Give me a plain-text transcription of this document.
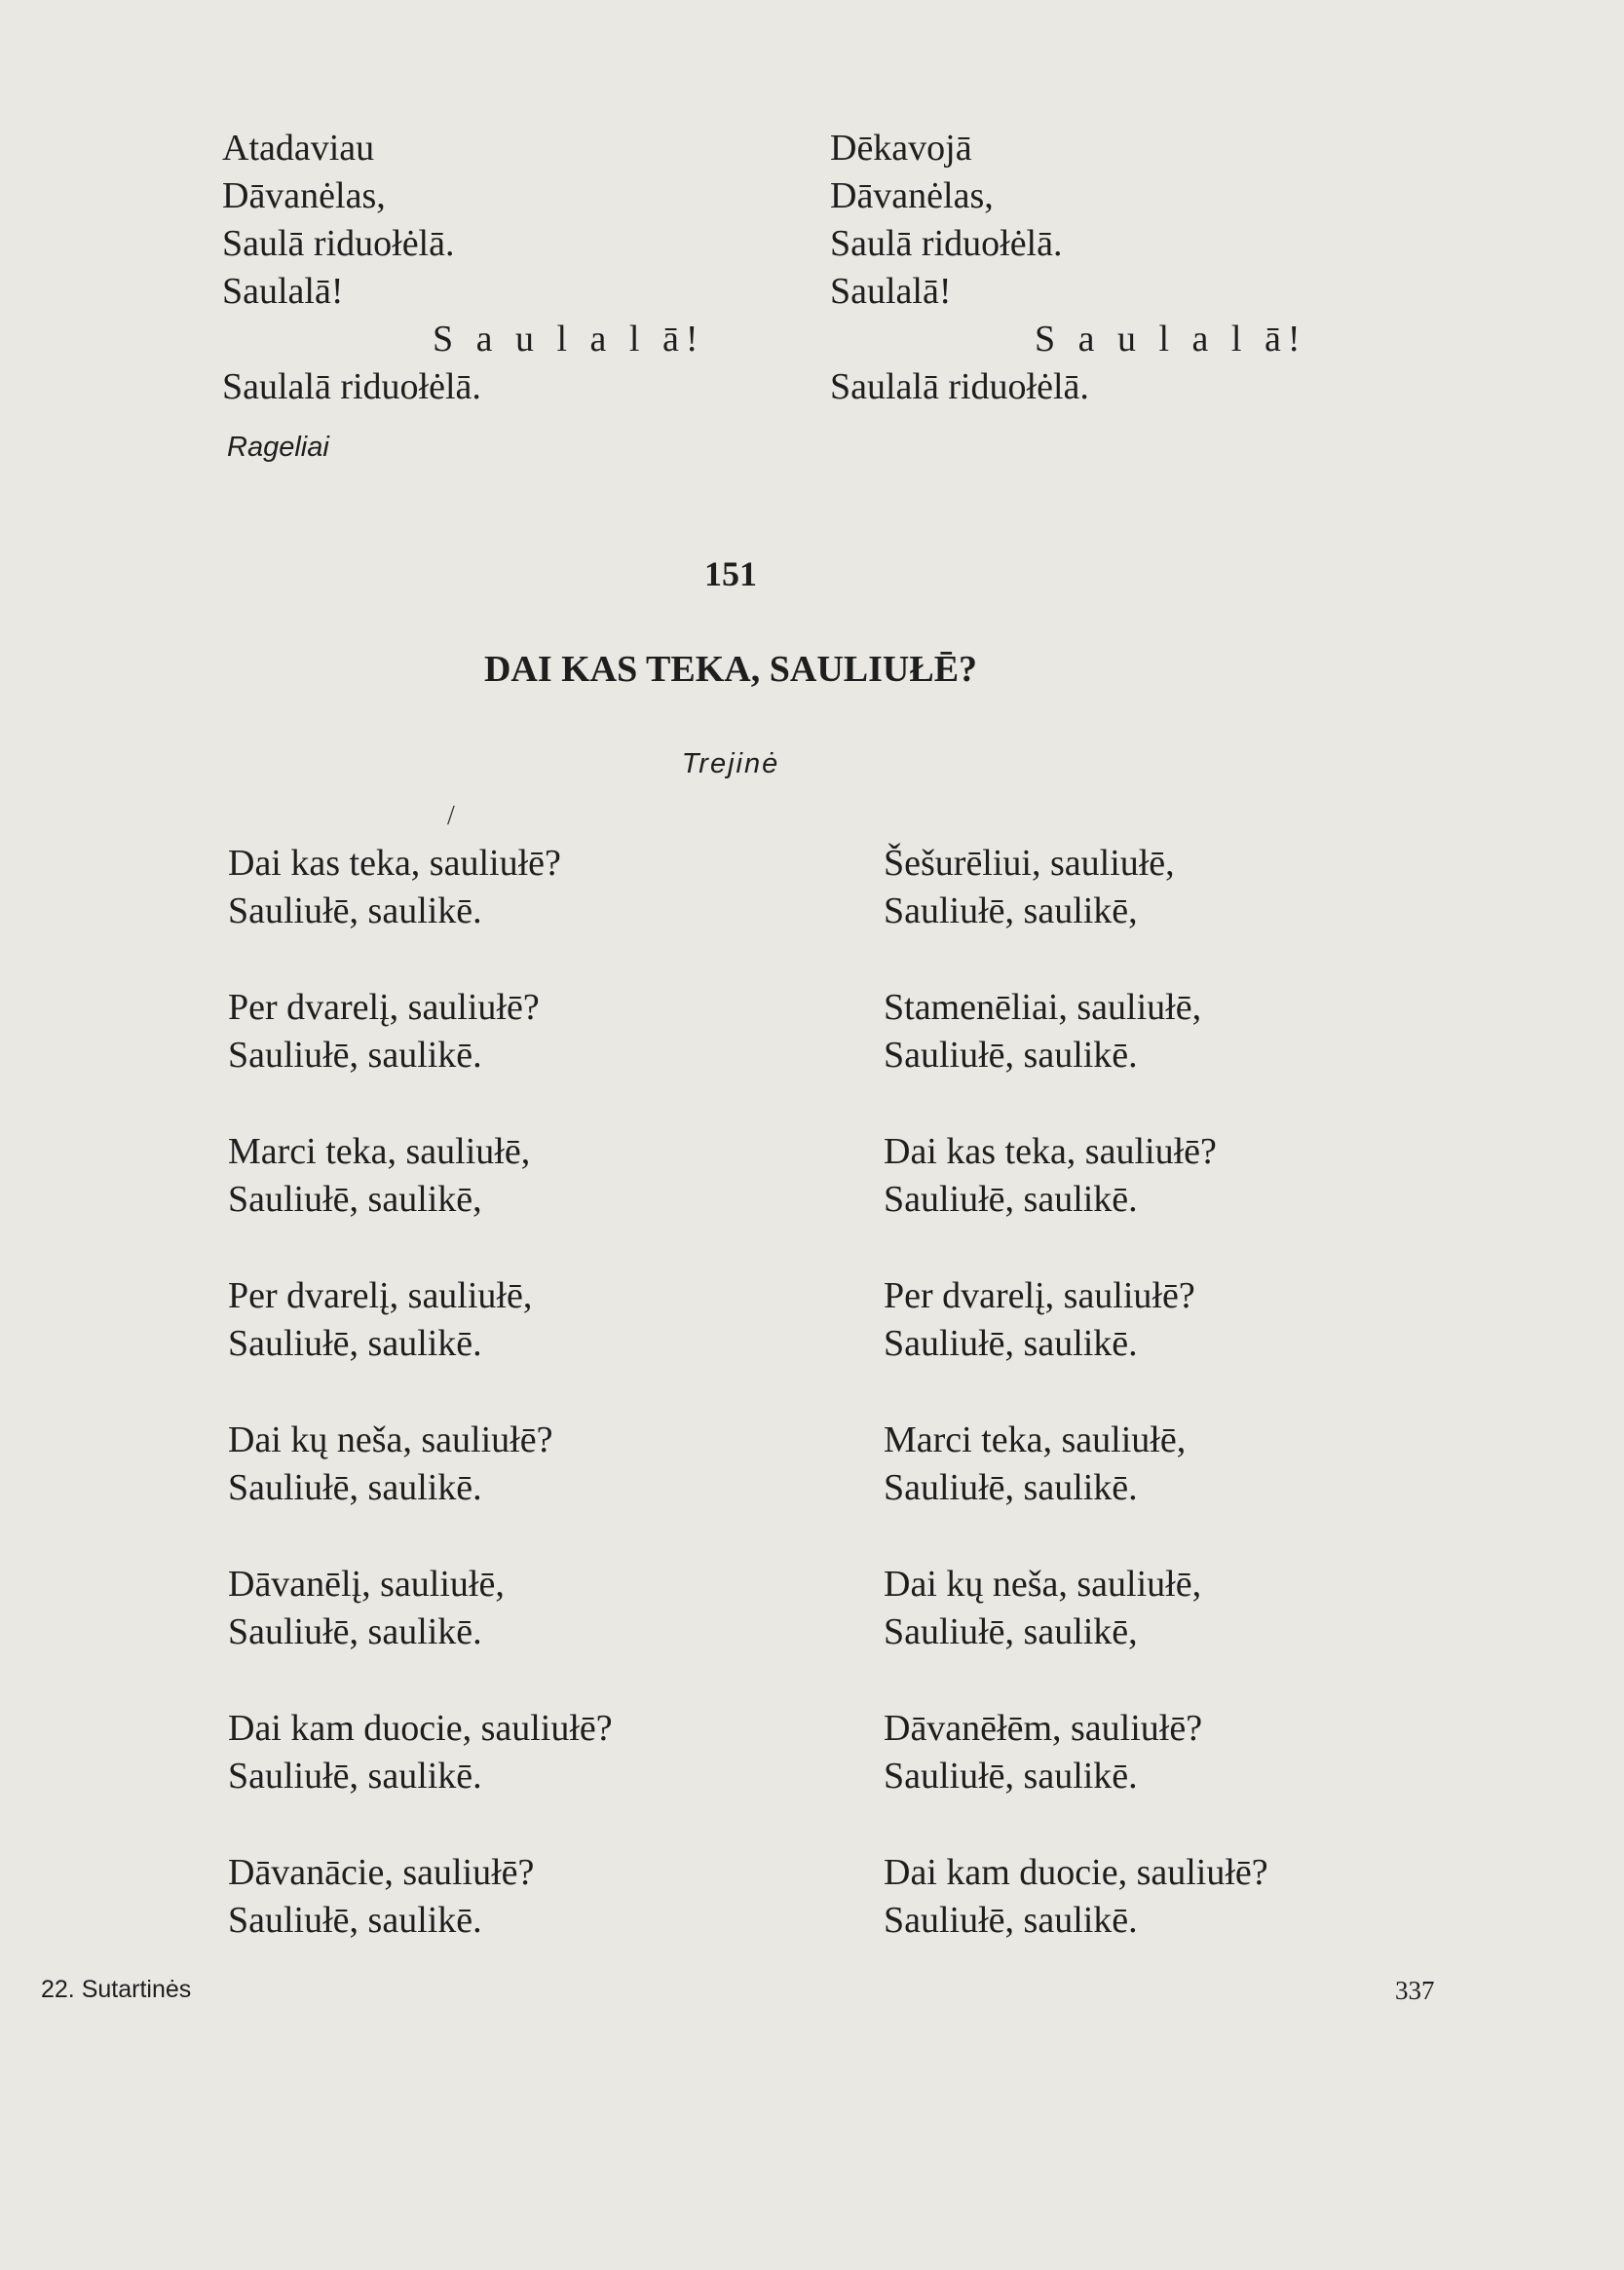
Atadaviau
Dāvanėlas,
Saulā riduołėlā.
Saulalā!
S a u l a l ā!
Saulalā riduołėlā.
Dēkavojā
Dāvanėlas,
Saulā riduołėlā.
Saulalā!
S a u l a l ā!
Saulalā riduołėlā.
Rageliai
151
DAI KAS TEKA, SAULIUŁĒ?
Trejinė
/
Dai kas teka, sauliułē?
Sauliułē, saulikē.
Per dvarelį, sauliułē?
Sauliułē, saulikē.
Marci teka, sauliułē,
Sauliułē, saulikē,
Per dvarelį, sauliułē,
Sauliułē, saulikē.
Dai kų neša, sauliułē?
Sauliułē, saulikē.
Dāvanēlį, sauliułē,
Sauliułē, saulikē.
Dai kam duocie, sauliułē?
Sauliułē, saulikē.
Dāvanācie, sauliułē?
Sauliułē, saulikē.
Šešurēliui, sauliułē,
Sauliułē, saulikē,
Stamenēliai, sauliułē,
Sauliułē, saulikē.
Dai kas teka, sauliułē?
Sauliułē, saulikē.
Per dvarelį, sauliułē?
Sauliułē, saulikē.
Marci teka, sauliułē,
Sauliułē, saulikē.
Dai kų neša, sauliułē,
Sauliułē, saulikē,
Dāvanēłēm, sauliułē?
Sauliułē, saulikē.
Dai kam duocie, sauliułē?
Sauliułē, saulikē.
22. Sutartinės	337
